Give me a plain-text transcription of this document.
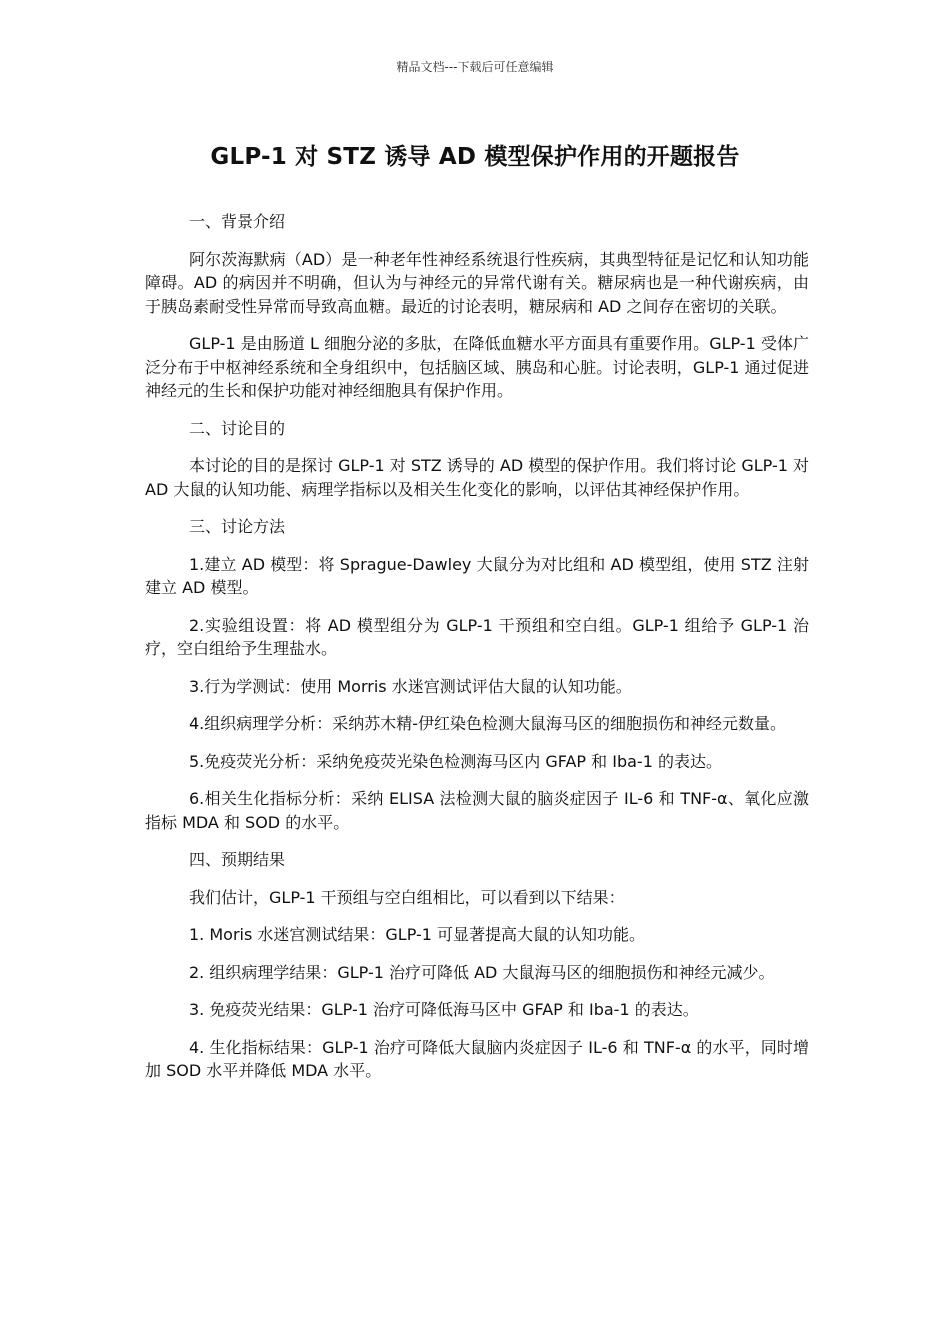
精品文档---下载后可任意编辑
GLP-1 对 STZ 诱导 AD 模型保护作用的开题报告

一、背景介绍

阿尔茨海默病（AD）是一种老年性神经系统退行性疾病，其典型特征是记忆和认知功能障碍。AD 的病因并不明确，但认为与神经元的异常代谢有关。糖尿病也是一种代谢疾病，由于胰岛素耐受性异常而导致高血糖。最近的讨论表明，糖尿病和 AD 之间存在密切的关联。

GLP-1 是由肠道 L 细胞分泌的多肽，在降低血糖水平方面具有重要作用。GLP-1 受体广泛分布于中枢神经系统和全身组织中，包括脑区域、胰岛和心脏。讨论表明，GLP-1 通过促进神经元的生长和保护功能对神经细胞具有保护作用。

二、讨论目的

本讨论的目的是探讨 GLP-1 对 STZ 诱导的 AD 模型的保护作用。我们将讨论 GLP-1 对 AD 大鼠的认知功能、病理学指标以及相关生化变化的影响，以评估其神经保护作用。

三、讨论方法

1.建立 AD 模型：将 Sprague-Dawley 大鼠分为对比组和 AD 模型组，使用 STZ 注射建立 AD 模型。

2.实验组设置：将 AD 模型组分为 GLP-1 干预组和空白组。GLP-1 组给予 GLP-1 治疗，空白组给予生理盐水。

3.行为学测试：使用 Morris 水迷宫测试评估大鼠的认知功能。

4.组织病理学分析：采纳苏木精-伊红染色检测大鼠海马区的细胞损伤和神经元数量。

5.免疫荧光分析：采纳免疫荧光染色检测海马区内 GFAP 和 Iba-1 的表达。

6.相关生化指标分析：采纳 ELISA 法检测大鼠的脑炎症因子 IL-6 和 TNF-α、氧化应激指标 MDA 和 SOD 的水平。

四、预期结果

我们估计，GLP-1 干预组与空白组相比，可以看到以下结果：

1. Moris 水迷宫测试结果：GLP-1 可显著提高大鼠的认知功能。

2. 组织病理学结果：GLP-1 治疗可降低 AD 大鼠海马区的细胞损伤和神经元减少。

3. 免疫荧光结果：GLP-1 治疗可降低海马区中 GFAP 和 Iba-1 的表达。

4. 生化指标结果：GLP-1 治疗可降低大鼠脑内炎症因子 IL-6 和 TNF-α 的水平，同时增加 SOD 水平并降低 MDA 水平。
